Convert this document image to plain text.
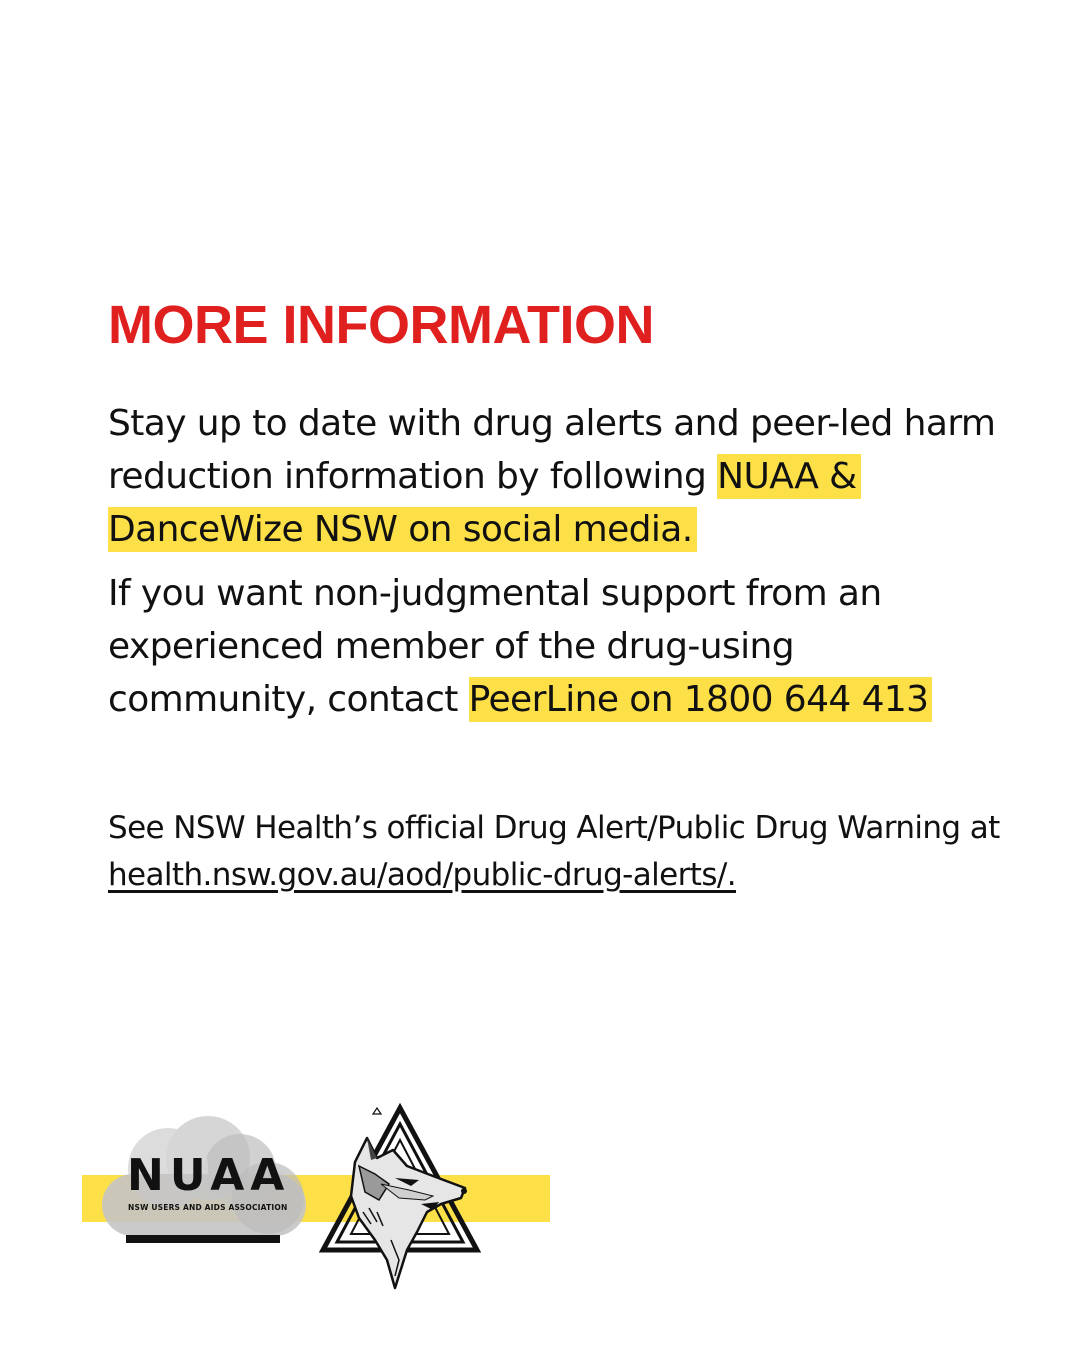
MORE INFORMATION

Stay up to date with drug alerts and peer-led harm reduction information by following NUAA & DanceWize NSW on social media.

If you want non-judgmental support from an experienced member of the drug-using community, contact PeerLine on 1800 644 413

See NSW Health’s official Drug Alert/Public Drug Warning at health.nsw.gov.au/aod/public-drug-alerts/.

NUAA
NSW USERS AND AIDS ASSOCIATION
